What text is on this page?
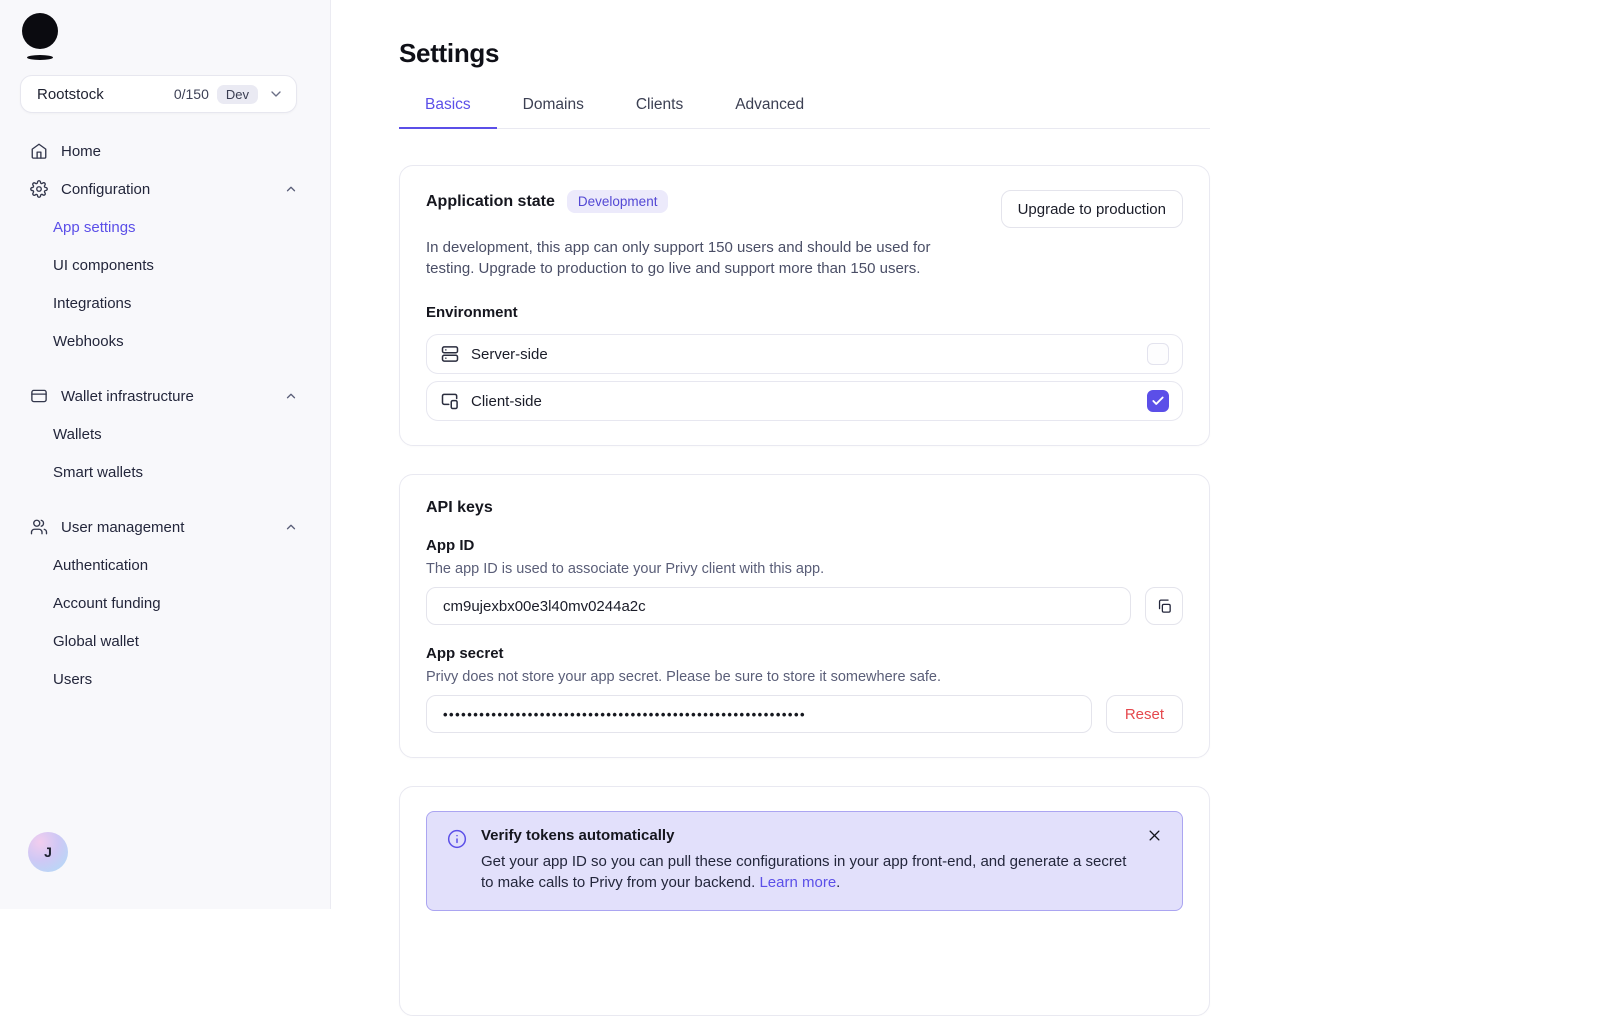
Rootstock	0/150	Dev
Home
Configuration
App settings
UI components
Integrations
Webhooks
Wallet infrastructure
Wallets
Smart wallets
User management
Authentication
Account funding
Global wallet
Users
J
Settings
Basics	Domains	Clients	Advanced
Application state	Development	Upgrade to production

In development, this app can only support 150 users and should be used for testing. Upgrade to production to go live and support more than 150 users.

Environment
Server-side
Client-side
API keys
App ID
The app ID is used to associate your Privy client with this app.
cm9ujexbx00e3l40mv0244a2c
App secret
Privy does not store your app secret. Please be sure to store it somewhere safe.
••••••••••••••••••••••••••••••••••••••••••••••••••••••••••••	Reset
Verify tokens automatically
Get your app ID so you can pull these configurations in your app front-end, and generate a secret to make calls to Privy from your backend. Learn more.
